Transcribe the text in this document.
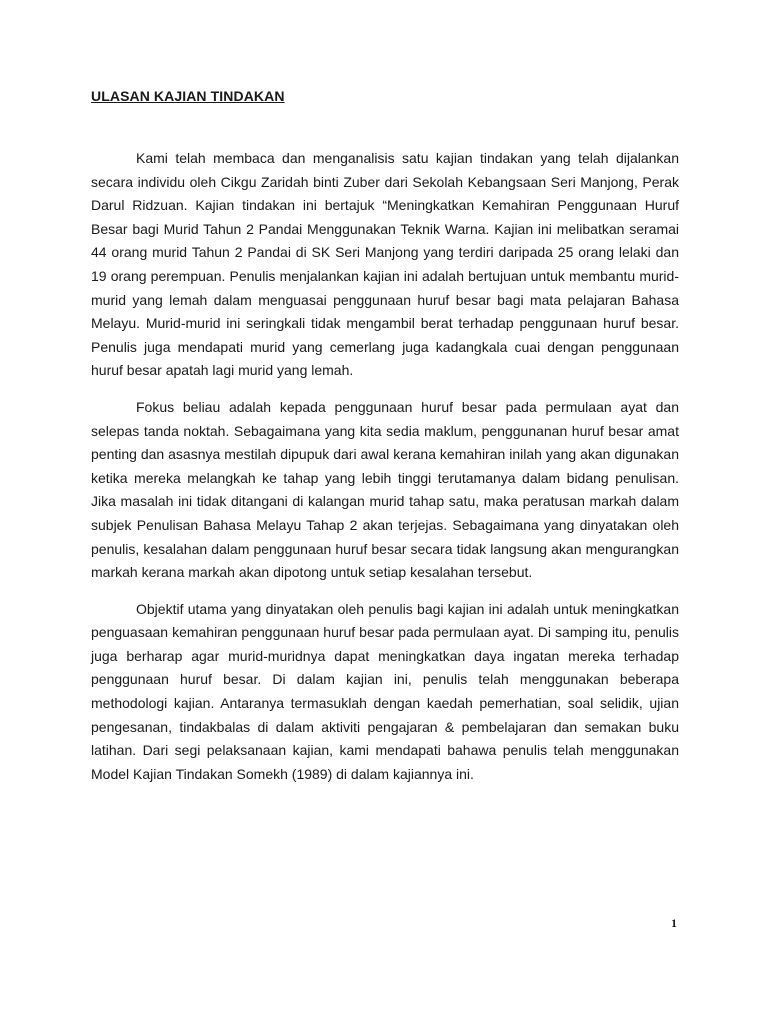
ULASAN KAJIAN TINDAKAN

Kami telah membaca dan menganalisis satu kajian tindakan yang telah dijalankan secara individu oleh Cikgu Zaridah binti Zuber dari Sekolah Kebangsaan Seri Manjong, Perak Darul Ridzuan. Kajian tindakan ini bertajuk “Meningkatkan Kemahiran Penggunaan Huruf Besar bagi Murid Tahun 2 Pandai Menggunakan Teknik Warna. Kajian ini melibatkan seramai 44 orang murid Tahun 2 Pandai di SK Seri Manjong yang terdiri daripada 25 orang lelaki dan 19 orang perempuan. Penulis menjalankan kajian ini adalah bertujuan untuk membantu murid-murid yang lemah dalam menguasai penggunaan huruf besar bagi mata pelajaran Bahasa Melayu. Murid-murid ini seringkali tidak mengambil berat terhadap penggunaan huruf besar. Penulis juga mendapati murid yang cemerlang juga kadangkala cuai dengan penggunaan huruf besar apatah lagi murid yang lemah.

Fokus beliau adalah kepada penggunaan huruf besar pada permulaan ayat dan selepas tanda noktah. Sebagaimana yang kita sedia maklum, penggunanan huruf besar amat penting dan asasnya mestilah dipupuk dari awal kerana kemahiran inilah yang akan digunakan ketika mereka melangkah ke tahap yang lebih tinggi terutamanya dalam bidang penulisan. Jika masalah ini tidak ditangani di kalangan murid tahap satu, maka peratusan markah dalam subjek Penulisan Bahasa Melayu Tahap 2 akan terjejas. Sebagaimana yang dinyatakan oleh penulis, kesalahan dalam penggunaan huruf besar secara tidak langsung akan mengurangkan markah kerana markah akan dipotong untuk setiap kesalahan tersebut.

Objektif utama yang dinyatakan oleh penulis bagi kajian ini adalah untuk meningkatkan penguasaan kemahiran penggunaan huruf besar pada permulaan ayat. Di samping itu, penulis juga berharap agar murid-muridnya dapat meningkatkan daya ingatan mereka terhadap penggunaan huruf besar. Di dalam kajian ini, penulis telah menggunakan beberapa methodologi kajian. Antaranya termasuklah dengan kaedah pemerhatian, soal selidik, ujian pengesanan, tindakbalas di dalam aktiviti pengajaran & pembelajaran dan semakan buku latihan. Dari segi pelaksanaan kajian, kami mendapati bahawa penulis telah menggunakan Model Kajian Tindakan Somekh (1989) di dalam kajiannya ini.

1
